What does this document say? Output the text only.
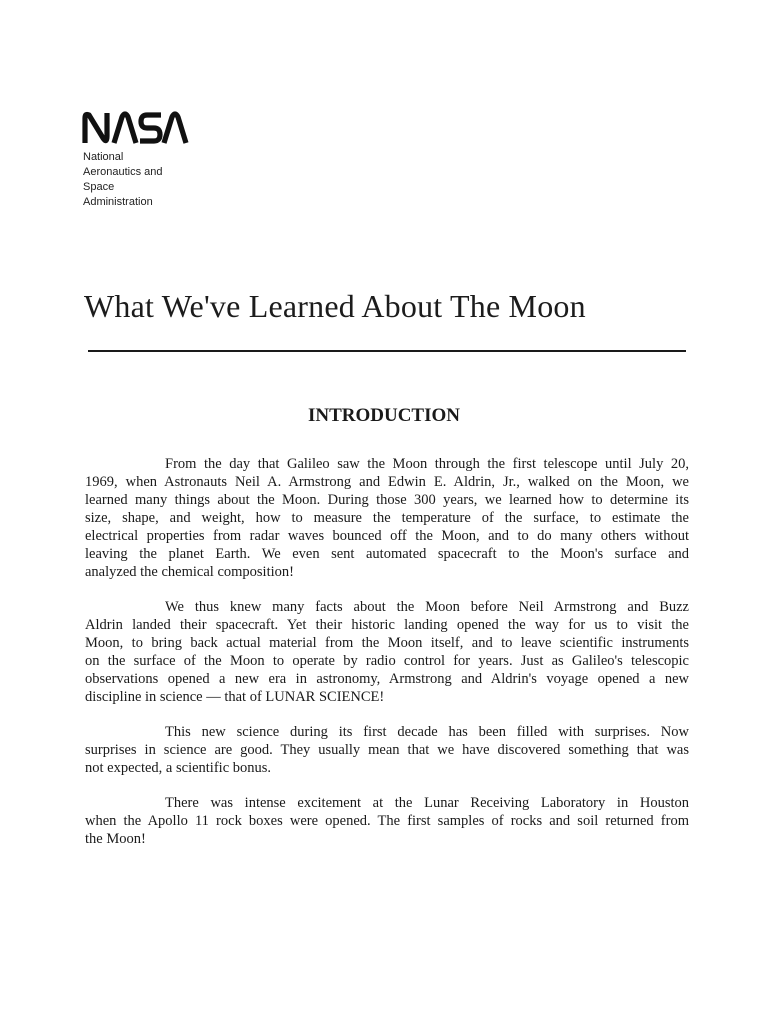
National
Aeronautics and
Space
Administration
What We've Learned About The Moon
INTRODUCTION

From the day that Galileo saw the Moon through the first telescope until July 20,
1969, when Astronauts Neil A. Armstrong and Edwin E. Aldrin, Jr., walked on the Moon, we
learned many things about the Moon. During those 300 years, we learned how to determine its
size, shape, and weight, how to measure the temperature of the surface, to estimate the
electrical properties from radar waves bounced off the Moon, and to do many others without
leaving the planet Earth. We even sent automated spacecraft to the Moon's surface and
analyzed the chemical composition!

We thus knew many facts about the Moon before Neil Armstrong and Buzz
Aldrin landed their spacecraft. Yet their historic landing opened the way for us to visit the
Moon, to bring back actual material from the Moon itself, and to leave scientific instruments
on the surface of the Moon to operate by radio control for years. Just as Galileo's telescopic
observations opened a new era in astronomy, Armstrong and Aldrin's voyage opened a new
discipline in science — that of LUNAR SCIENCE!

This new science during its first decade has been filled with surprises. Now
surprises in science are good. They usually mean that we have discovered something that was
not expected, a scientific bonus.

There was intense excitement at the Lunar Receiving Laboratory in Houston
when the Apollo 11 rock boxes were opened. The first samples of rocks and soil returned from
the Moon!
